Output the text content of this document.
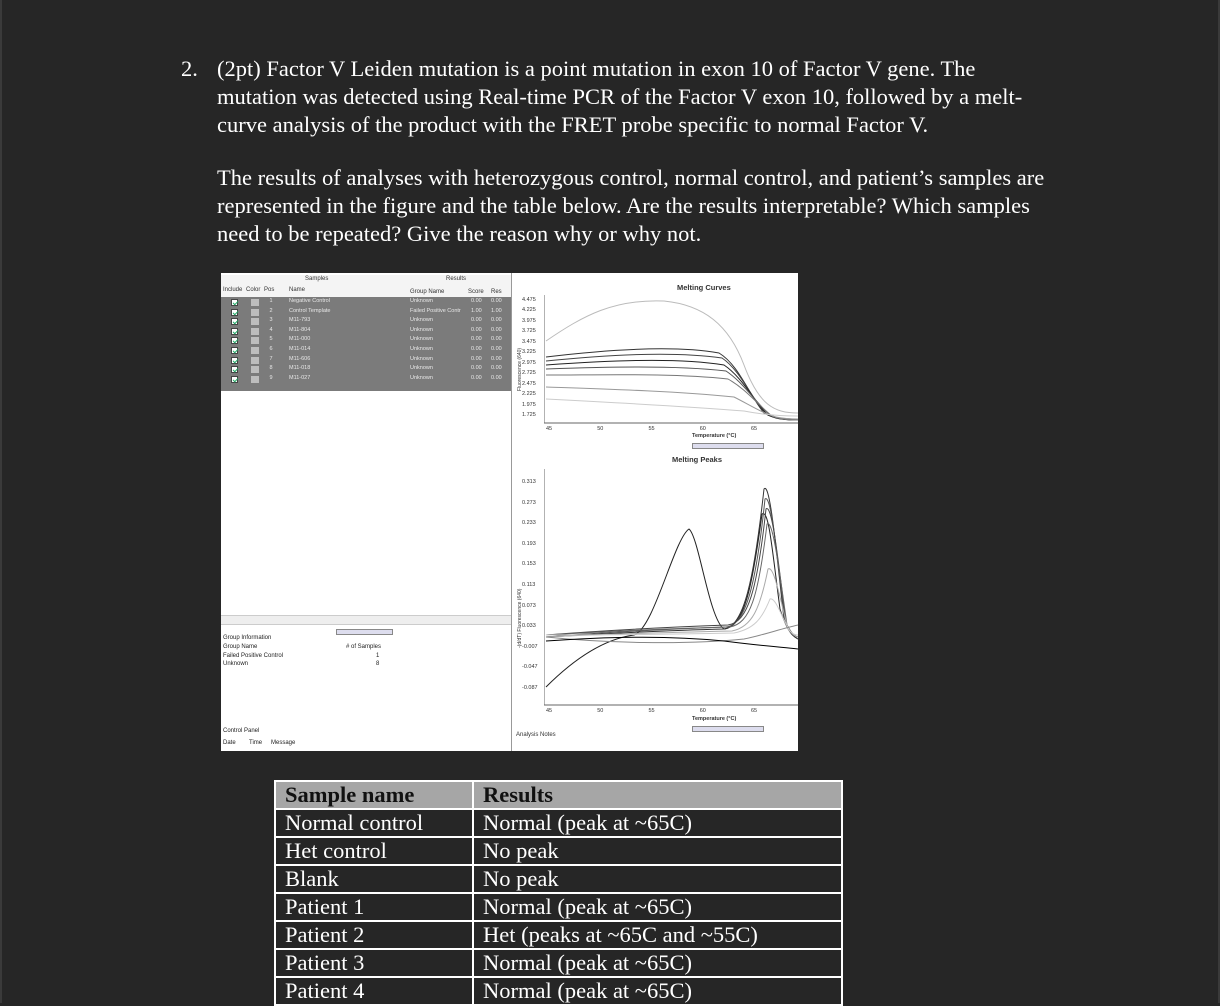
2. (2pt) Factor V Leiden mutation is a point mutation in exon 10 of Factor V gene. The mutation was detected using Real-time PCR of the Factor V exon 10, followed by a melt-curve analysis of the product with the FRET probe specific to normal Factor V.
The results of analyses with heterozygous control, normal control, and patient’s samples are represented in the figure and the table below. Are the results interpretable? Which samples need to be repeated? Give the reason why or why not.
Samples	Results
Include Color Pos Name	Group Name	Score Res
1	Negative Control	Unknown	0.00 0.00
2	Control Template	Failed Positive Contr 1.00 1.00
3	M11-793	Unknown	0.00 0.00
4	M11-804	Unknown	0.00 0.00
5	M11-000	Unknown	0.00 0.00
6	M11-014	Unknown	0.00 0.00
7	M11-606	Unknown	0.00 0.00
8	M11-018	Unknown	0.00 0.00
9	M11-027	Unknown	0.00 0.00
Group Information
Group Name	# of Samples
Failed Positive Control	1
Unknown	8
Control Panel
Date Time Message
Melting Curves
Fluorescence (640)
4.475
4.225
3.975
3.725
3.475
3.225
2.975
2.725
2.475
2.225
1.975
1.725
45	50	55	60	65
Temperature (°C)
Melting Peaks
-(d/dT) Fluorescence (640)
0.313
0.273
0.233
0.193
0.153
0.113
0.073
0.033
-0.007
-0.047
-0.087
45	50	55	60	65
Temperature (°C)
Analysis Notes
Sample name	Results
Normal control	Normal (peak at ~65C)
Het control	No peak
Blank	No peak
Patient 1	Normal (peak at ~65C)
Patient 2	Het (peaks at ~65C and ~55C)
Patient 3	Normal (peak at ~65C)
Patient 4	Normal (peak at ~65C)
